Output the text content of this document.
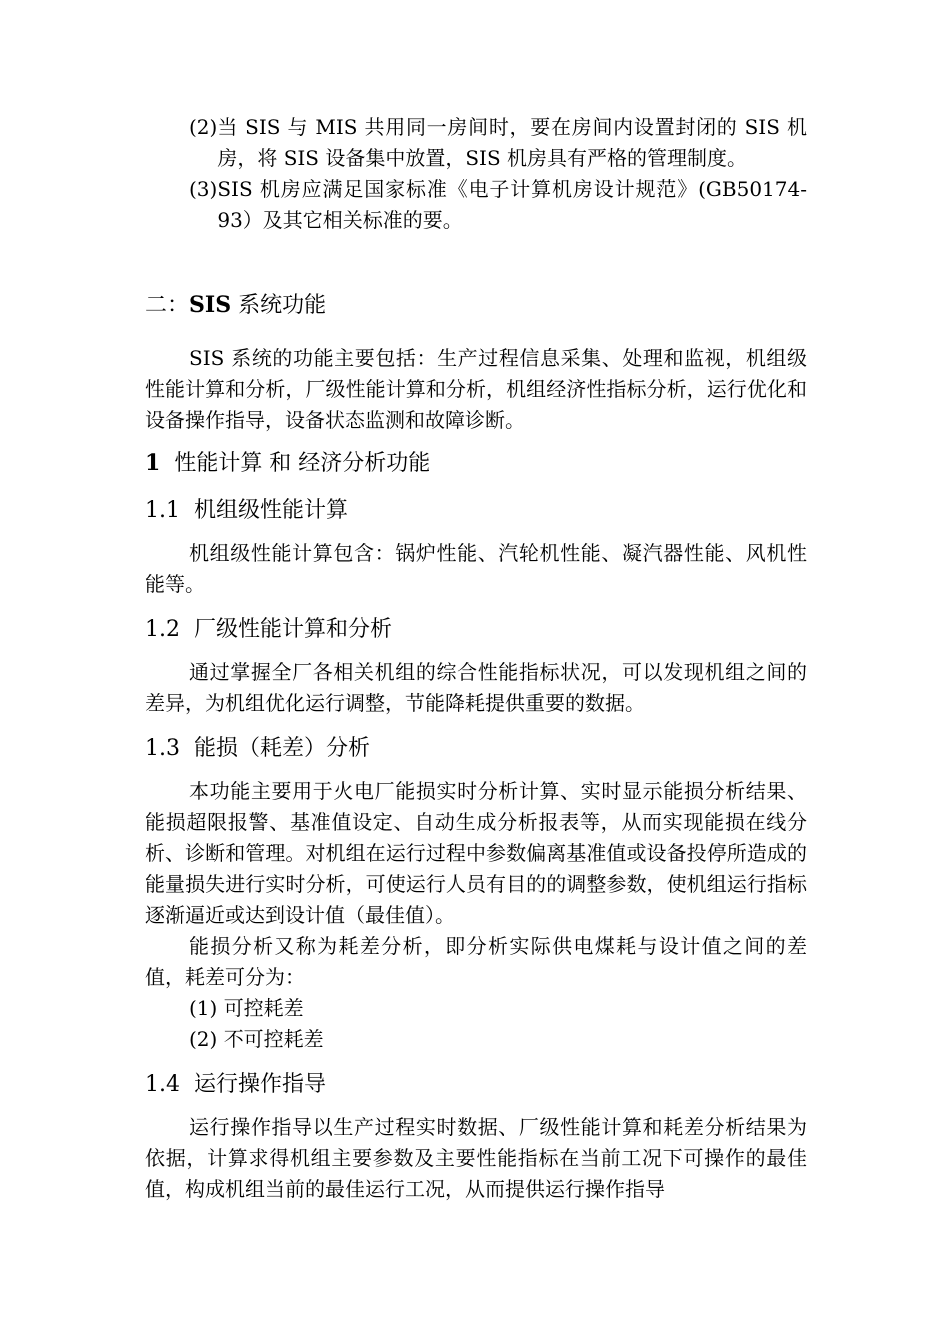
(2) 当 SIS 与 MIS 共用同一房间时，要在房间内设置封闭的 SIS 机房，将 SIS 设备集中放置，SIS 机房具有严格的管理制度。
(3) SIS 机房应满足国家标准《电子计算机房设计规范》(GB50174-93）及其它相关标准的要。
二：SIS 系统功能

SIS 系统的功能主要包括：生产过程信息采集、处理和监视，机组级性能计算和分析，厂级性能计算和分析，机组经济性指标分析，运行优化和设备操作指导，设备状态监测和故障诊断。

1 性能计算 和 经济分析功能
1.1 机组级性能计算

机组级性能计算包含：锅炉性能、汽轮机性能、凝汽器性能、风机性能等。

1.2 厂级性能计算和分析

通过掌握全厂各相关机组的综合性能指标状况，可以发现机组之间的差异，为机组优化运行调整，节能降耗提供重要的数据。

1.3 能损（耗差）分析

本功能主要用于火电厂能损实时分析计算、实时显示能损分析结果、能损超限报警、基准值设定、自动生成分析报表等，从而实现能损在线分析、诊断和管理。对机组在运行过程中参数偏离基准值或设备投停所造成的能量损失进行实时分析，可使运行人员有目的的调整参数，使机组运行指标逐渐逼近或达到设计值（最佳值）。

能损分析又称为耗差分析，即分析实际供电煤耗与设计值之间的差值，耗差可分为：

(1) 可控耗差
(2) 不可控耗差
1.4 运行操作指导

运行操作指导以生产过程实时数据、厂级性能计算和耗差分析结果为依据，计算求得机组主要参数及主要性能指标在当前工况下可操作的最佳值，构成机组当前的最佳运行工况，从而提供运行操作指导
